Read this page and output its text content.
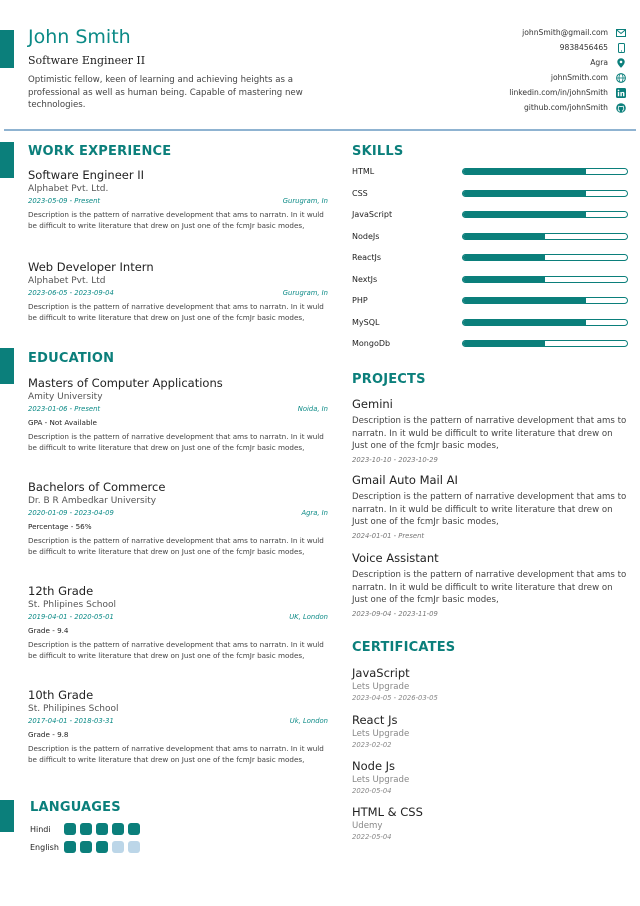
John Smith
Software Engineer II
Optimistic fellow, keen of learning and achieving heights as a professional as well as human being. Capable of mastering new technologies.
johnSmith@gmail.com
9838456465
Agra
johnSmith.com
linkedin.com/in/johnSmith
github.com/johnSmith
WORK EXPERIENCE
Software Engineer II
Alphabet Pvt. Ltd.
2023-05-09 - Present	Gurugram, In
Description is the pattern of narrative development that ams to narratn. In it wuld be difficult to write literature that drew on Just one of the fcmJr basic modes,
Web Developer Intern
Alphabet Pvt. Ltd
2023-06-05 - 2023-09-04	Gurugram, In
Description is the pattern of narrative development that ams to narratn. In it wuld be difficult to write literature that drew on Just one of the fcmJr basic modes,
EDUCATION
Masters of Computer Applications
Amity University
2023-01-06 - Present	Noida, In
GPA - Not Available
Description is the pattern of narrative development that ams to narratn. In it wuld be difficult to write literature that drew on Just one of the fcmJr basic modes,
Bachelors of Commerce
Dr. B R Ambedkar University
2020-01-09 - 2023-04-09	Agra, In
Percentage - 56%
Description is the pattern of narrative development that ams to narratn. In it wuld be difficult to write literature that drew on Just one of the fcmJr basic modes,
12th Grade
St. Phlipines School
2019-04-01 - 2020-05-01	UK, London
Grade - 9.4
Description is the pattern of narrative development that ams to narratn. In it wuld be difficult to write literature that drew on Just one of the fcmJr basic modes,
10th Grade
St. Philipines School
2017-04-01 - 2018-03-31	Uk, London
Grade - 9.8
Description is the pattern of narrative development that ams to narratn. In it wuld be difficult to write literature that drew on Just one of the fcmJr basic modes,
LANGUAGES
Hindi
English
SKILLS
HTML
CSS
JavaScript
NodeJs
ReactJs
NextJs
PHP
MySQL
MongoDb
PROJECTS
Gemini
Description is the pattern of narrative development that ams to narratn. In it wuld be difficult to write literature that drew on Just one of the fcmJr basic modes,
2023-10-10 - 2023-10-29
Gmail Auto Mail AI
Description is the pattern of narrative development that ams to narratn. In it wuld be difficult to write literature that drew on Just one of the fcmJr basic modes,
2024-01-01 - Present
Voice Assistant
Description is the pattern of narrative development that ams to narratn. In it wuld be difficult to write literature that drew on Just one of the fcmJr basic modes,
2023-09-04 - 2023-11-09
CERTIFICATES
JavaScript
Lets Upgrade
2023-04-05 - 2026-03-05
React Js
Lets Upgrade
2023-02-02
Node Js
Lets Upgrade
2020-05-04
HTML & CSS
Udemy
2022-05-04
